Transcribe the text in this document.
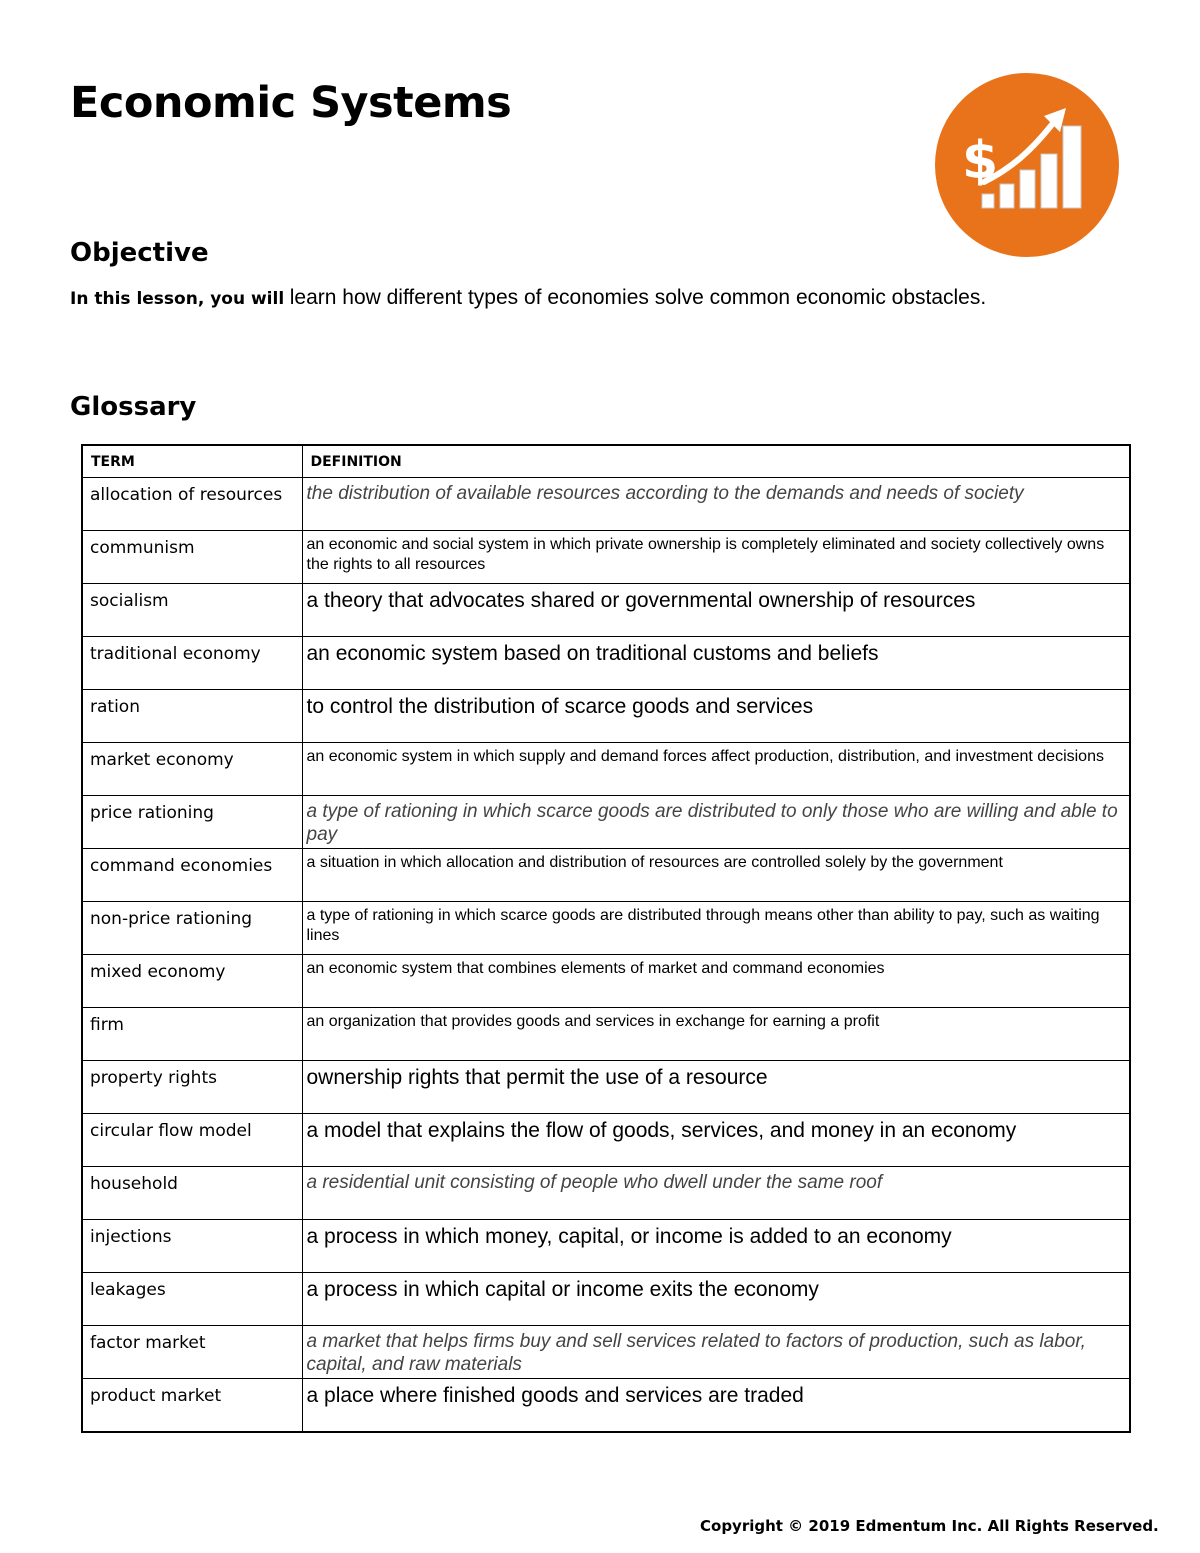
Economic Systems
$
Objective
In this lesson, you will learn how different types of economies solve common economic obstacles.
Glossary
TERM	DEFINITION

allocation of resources	the distribution of available resources according to the demands and needs of society

communism	an economic and social system in which private ownership is completely eliminated and society collectively owns the rights to all resources

socialism	a theory that advocates shared or governmental ownership of resources

traditional economy	an economic system based on traditional customs and beliefs

ration	to control the distribution of scarce goods and services

market economy	an economic system in which supply and demand forces affect production, distribution, and investment decisions

price rationing	a type of rationing in which scarce goods are distributed to only those who are willing and able to pay

command economies	a situation in which allocation and distribution of resources are controlled solely by the government

non-price rationing	a type of rationing in which scarce goods are distributed through means other than ability to pay, such as waiting lines

mixed economy	an economic system that combines elements of market and command economies

firm	an organization that provides goods and services in exchange for earning a profit

property rights	ownership rights that permit the use of a resource

circular flow model	a model that explains the flow of goods, services, and money in an economy

household	a residential unit consisting of people who dwell under the same roof

injections	a process in which money, capital, or income is added to an economy

leakages	a process in which capital or income exits the economy

factor market	a market that helps firms buy and sell services related to factors of production, such as labor, capital, and raw materials

product market	a place where finished goods and services are traded
Copyright © 2019 Edmentum Inc. All Rights Reserved.
